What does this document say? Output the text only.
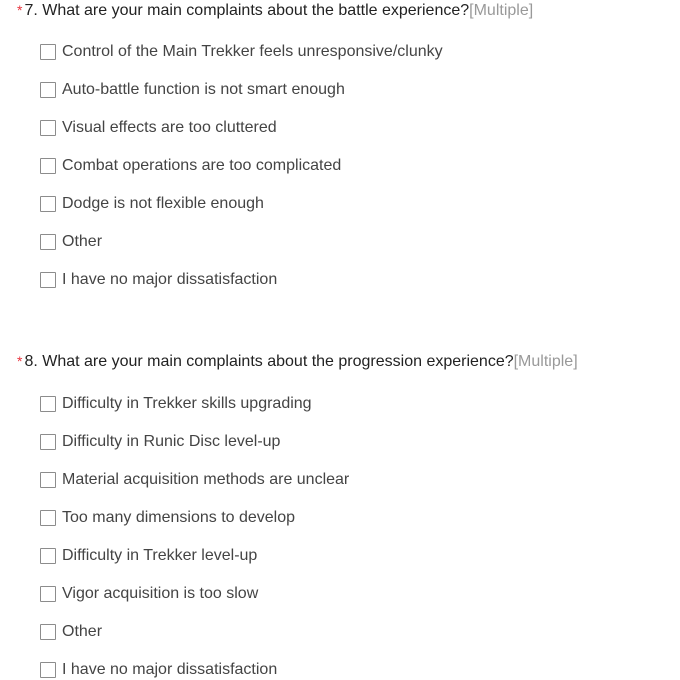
* 7. What are your main complaints about the battle experience?[Multiple]
Control of the Main Trekker feels unresponsive/clunky
Auto-battle function is not smart enough
Visual effects are too cluttered
Combat operations are too complicated
Dodge is not flexible enough
Other
I have no major dissatisfaction
* 8. What are your main complaints about the progression experience?[Multiple]
Difficulty in Trekker skills upgrading
Difficulty in Runic Disc level-up
Material acquisition methods are unclear
Too many dimensions to develop
Difficulty in Trekker level-up
Vigor acquisition is too slow
Other
I have no major dissatisfaction
